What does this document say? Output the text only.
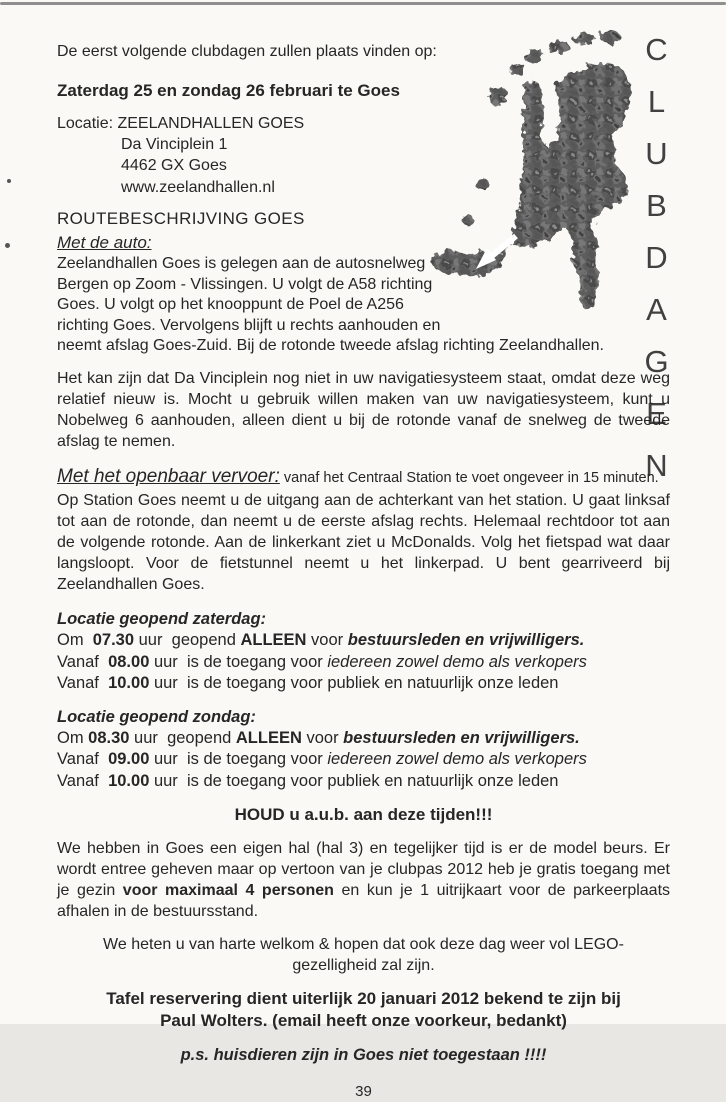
CLUBDAGEN

De eerst volgende clubdagen zullen plaats vinden op:

Zaterdag 25 en zondag 26 februari te Goes

Locatie: ZEELANDHALLEN GOES
Da Vinciplein 1
4462 GX Goes
www.zeelandhallen.nl

ROUTEBESCHRIJVING GOES

Met de auto:

Zeelandhallen Goes is gelegen aan de autosnelweg Bergen op Zoom - Vlissingen. U volgt de A58 richting Goes. U volgt op het knooppunt de Poel de A256 richting Goes. Vervolgens blijft u rechts aanhouden en neemt afslag Goes-Zuid. Bij de rotonde tweede afslag richting Zeelandhallen.

Het kan zijn dat Da Vinciplein nog niet in uw navigatiesysteem staat, omdat deze weg relatief nieuw is. Mocht u gebruik willen maken van uw navigatiesysteem, kunt u Nobelweg 6 aanhouden, alleen dient u bij de rotonde vanaf de snelweg de tweede afslag te nemen.

Met het openbaar vervoer: vanaf het Centraal Station te voet ongeveer in 15 minuten.

Op Station Goes neemt u de uitgang aan de achterkant van het station. U gaat linksaf tot aan de rotonde, dan neemt u de eerste afslag rechts. Helemaal rechtdoor tot aan de volgende rotonde. Aan de linkerkant ziet u McDonalds. Volg het fietspad wat daar langsloopt. Voor de fietstunnel neemt u het linkerpad. U bent gearriveerd bij Zeelandhallen Goes.

Locatie geopend zaterdag:
Om  07.30 uur  geopend ALLEEN voor bestuursleden en vrijwilligers.
Vanaf  08.00 uur  is de toegang voor iedereen zowel demo als verkopers
Vanaf  10.00 uur  is de toegang voor publiek en natuurlijk onze leden
Locatie geopend zondag:
Om 08.30 uur  geopend ALLEEN voor bestuursleden en vrijwilligers.
Vanaf  09.00 uur  is de toegang voor iedereen zowel demo als verkopers
Vanaf  10.00 uur  is de toegang voor publiek en natuurlijk onze leden

HOUD u a.u.b. aan deze tijden!!!

We hebben in Goes een eigen hal (hal 3) en tegelijker tijd is er de model beurs. Er wordt entree geheven maar op vertoon van je clubpas 2012 heb je gratis toegang met je gezin voor maximaal 4 personen en kun je 1 uitrijkaart voor de parkeerplaats afhalen in de bestuursstand.

We heten u van harte welkom & hopen dat ook deze dag weer vol LEGO-gezelligheid zal zijn.

Tafel reservering dient uiterlijk 20 januari 2012 bekend te zijn bij Paul Wolters. (email heeft onze voorkeur, bedankt)

p.s. huisdieren zijn in Goes niet toegestaan !!!!

39
